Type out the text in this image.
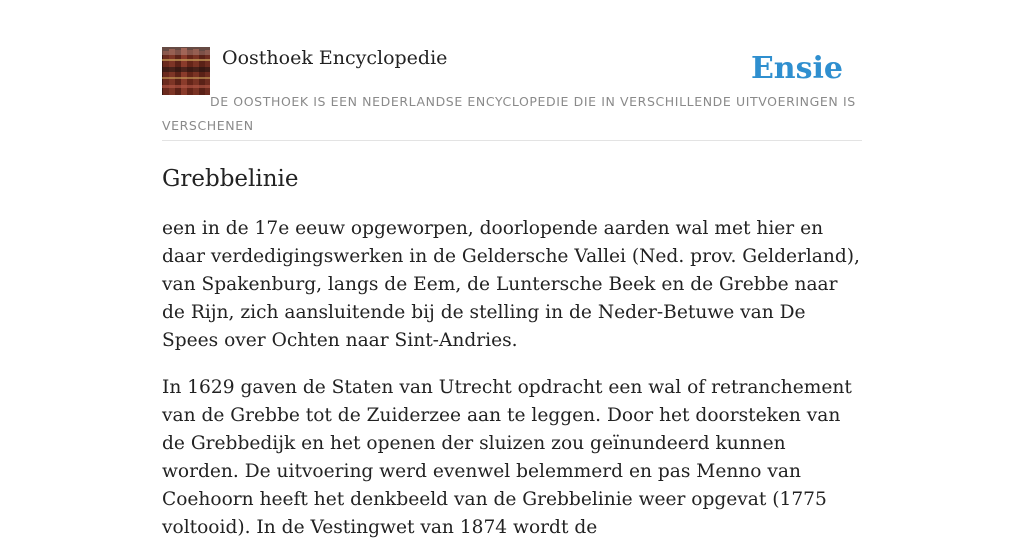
Oosthoek Encyclopedie	Ensie
DE OOSTHOEK IS EEN NEDERLANDSE ENCYCLOPEDIE DIE IN VERSCHILLENDE UITVOERINGEN IS VERSCHENEN
Grebbelinie

een in de 17e eeuw opgeworpen, doorlopende aarden wal met hier en daar verdedigingswerken in de Geldersche Vallei (Ned. prov. Gelderland), van Spakenburg, langs de Eem, de Luntersche Beek en de Grebbe naar de Rijn, zich aansluitende bij de stelling in de Neder-Betuwe van De Spees over Ochten naar Sint-Andries.

In 1629 gaven de Staten van Utrecht opdracht een wal of retranchement van de Grebbe tot de Zuiderzee aan te leggen. Door het doorsteken van de Grebbedijk en het openen der sluizen zou geïnundeerd kunnen worden. De uitvoering werd evenwel belemmerd en pas Menno van Coehoorn heeft het denkbeeld van de Grebbelinie weer opgevat (1775 voltooid). In de Vestingwet van 1874 wordt de
